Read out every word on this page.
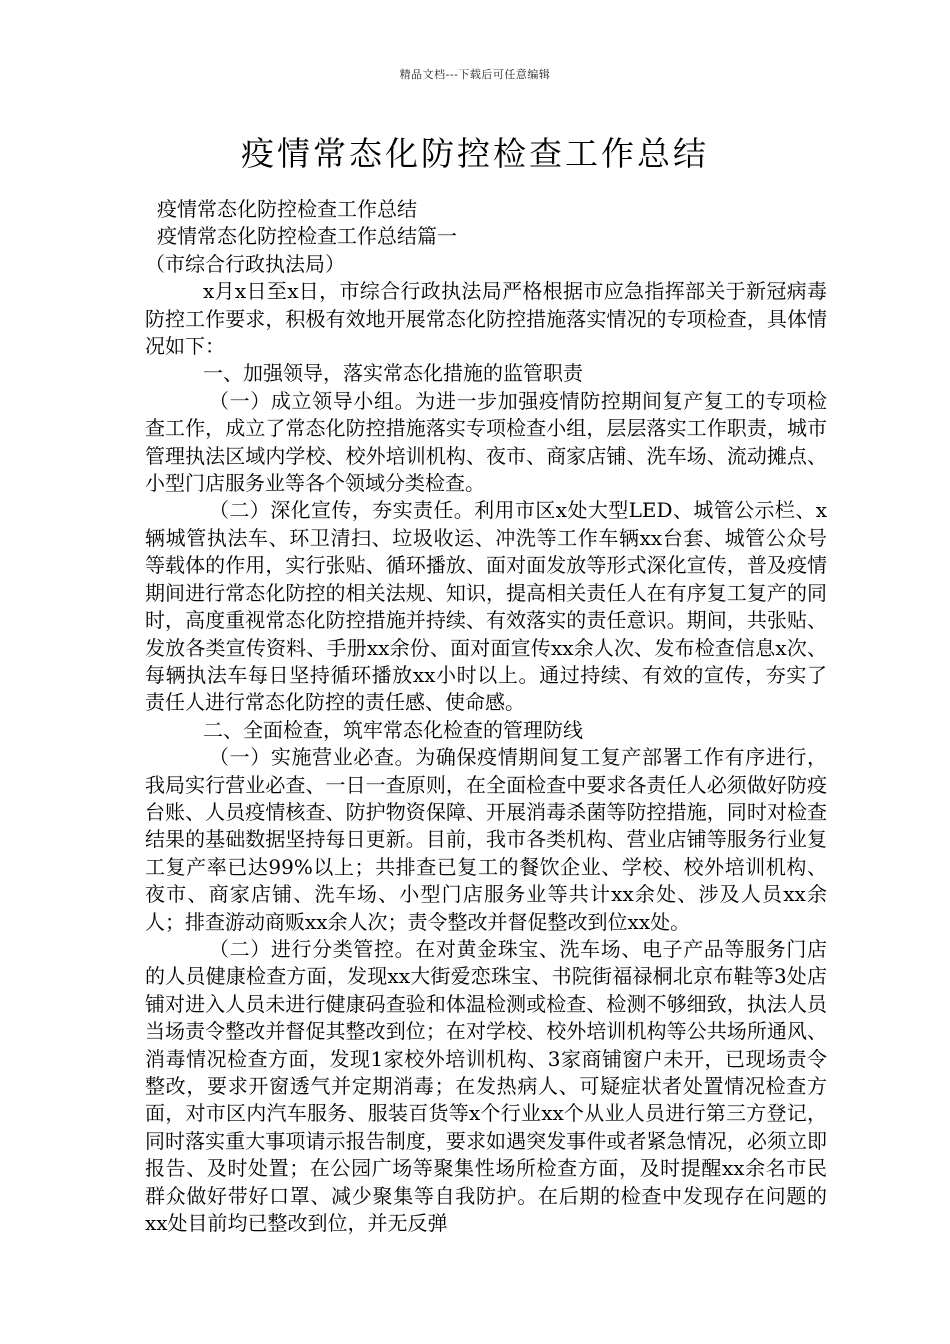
精品文档---下载后可任意编辑
疫情常态化防控检查工作总结
疫情常态化防控检查工作总结
疫情常态化防控检查工作总结篇一
（市综合行政执法局）

x月x日至x日，市综合行政执法局严格根据市应急指挥部关于新冠病毒防控工作要求，积极有效地开展常态化防控措施落实情况的专项检查，具体情况如下：

一、加强领导，落实常态化措施的监管职责

（一）成立领导小组。为进一步加强疫情防控期间复产复工的专项检查工作，成立了常态化防控措施落实专项检查小组，层层落实工作职责，城市管理执法区域内学校、校外培训机构、夜市、商家店铺、洗车场、流动摊点、小型门店服务业等各个领域分类检查。

（二）深化宣传，夯实责任。利用市区x处大型LED、城管公示栏、x辆城管执法车、环卫清扫、垃圾收运、冲洗等工作车辆xx台套、城管公众号等载体的作用，实行张贴、循环播放、面对面发放等形式深化宣传，普及疫情期间进行常态化防控的相关法规、知识，提高相关责任人在有序复工复产的同时，高度重视常态化防控措施并持续、有效落实的责任意识。期间，共张贴、发放各类宣传资料、手册xx余份、面对面宣传xx余人次、发布检查信息x次、每辆执法车每日坚持循环播放xx小时以上。通过持续、有效的宣传，夯实了责任人进行常态化防控的责任感、使命感。

二、全面检查，筑牢常态化检查的管理防线

（一）实施营业必查。为确保疫情期间复工复产部署工作有序进行，我局实行营业必查、一日一查原则，在全面检查中要求各责任人必须做好防疫台账、人员疫情核查、防护物资保障、开展消毒杀菌等防控措施，同时对检查结果的基础数据坚持每日更新。目前，我市各类机构、营业店铺等服务行业复工复产率已达99%以上；共排查已复工的餐饮企业、学校、校外培训机构、夜市、商家店铺、洗车场、小型门店服务业等共计xx余处、涉及人员xx余人；排查游动商贩xx余人次；责令整改并督促整改到位xx处。

（二）进行分类管控。在对黄金珠宝、洗车场、电子产品等服务门店的人员健康检查方面，发现xx大街爱恋珠宝、书院街福禄桐北京布鞋等3处店铺对进入人员未进行健康码查验和体温检测或检查、检测不够细致，执法人员当场责令整改并督促其整改到位；在对学校、校外培训机构等公共场所通风、消毒情况检查方面，发现1家校外培训机构、3家商铺窗户未开，已现场责令整改，要求开窗透气并定期消毒；在发热病人、可疑症状者处置情况检查方面，对市区内汽车服务、服装百货等x个行业xx个从业人员进行第三方登记，同时落实重大事项请示报告制度，要求如遇突发事件或者紧急情况，必须立即报告、及时处置；在公园广场等聚集性场所检查方面，及时提醒xx余名市民群众做好带好口罩、减少聚集等自我防护。在后期的检查中发现存在问题的xx处目前均已整改到位，并无反弹
